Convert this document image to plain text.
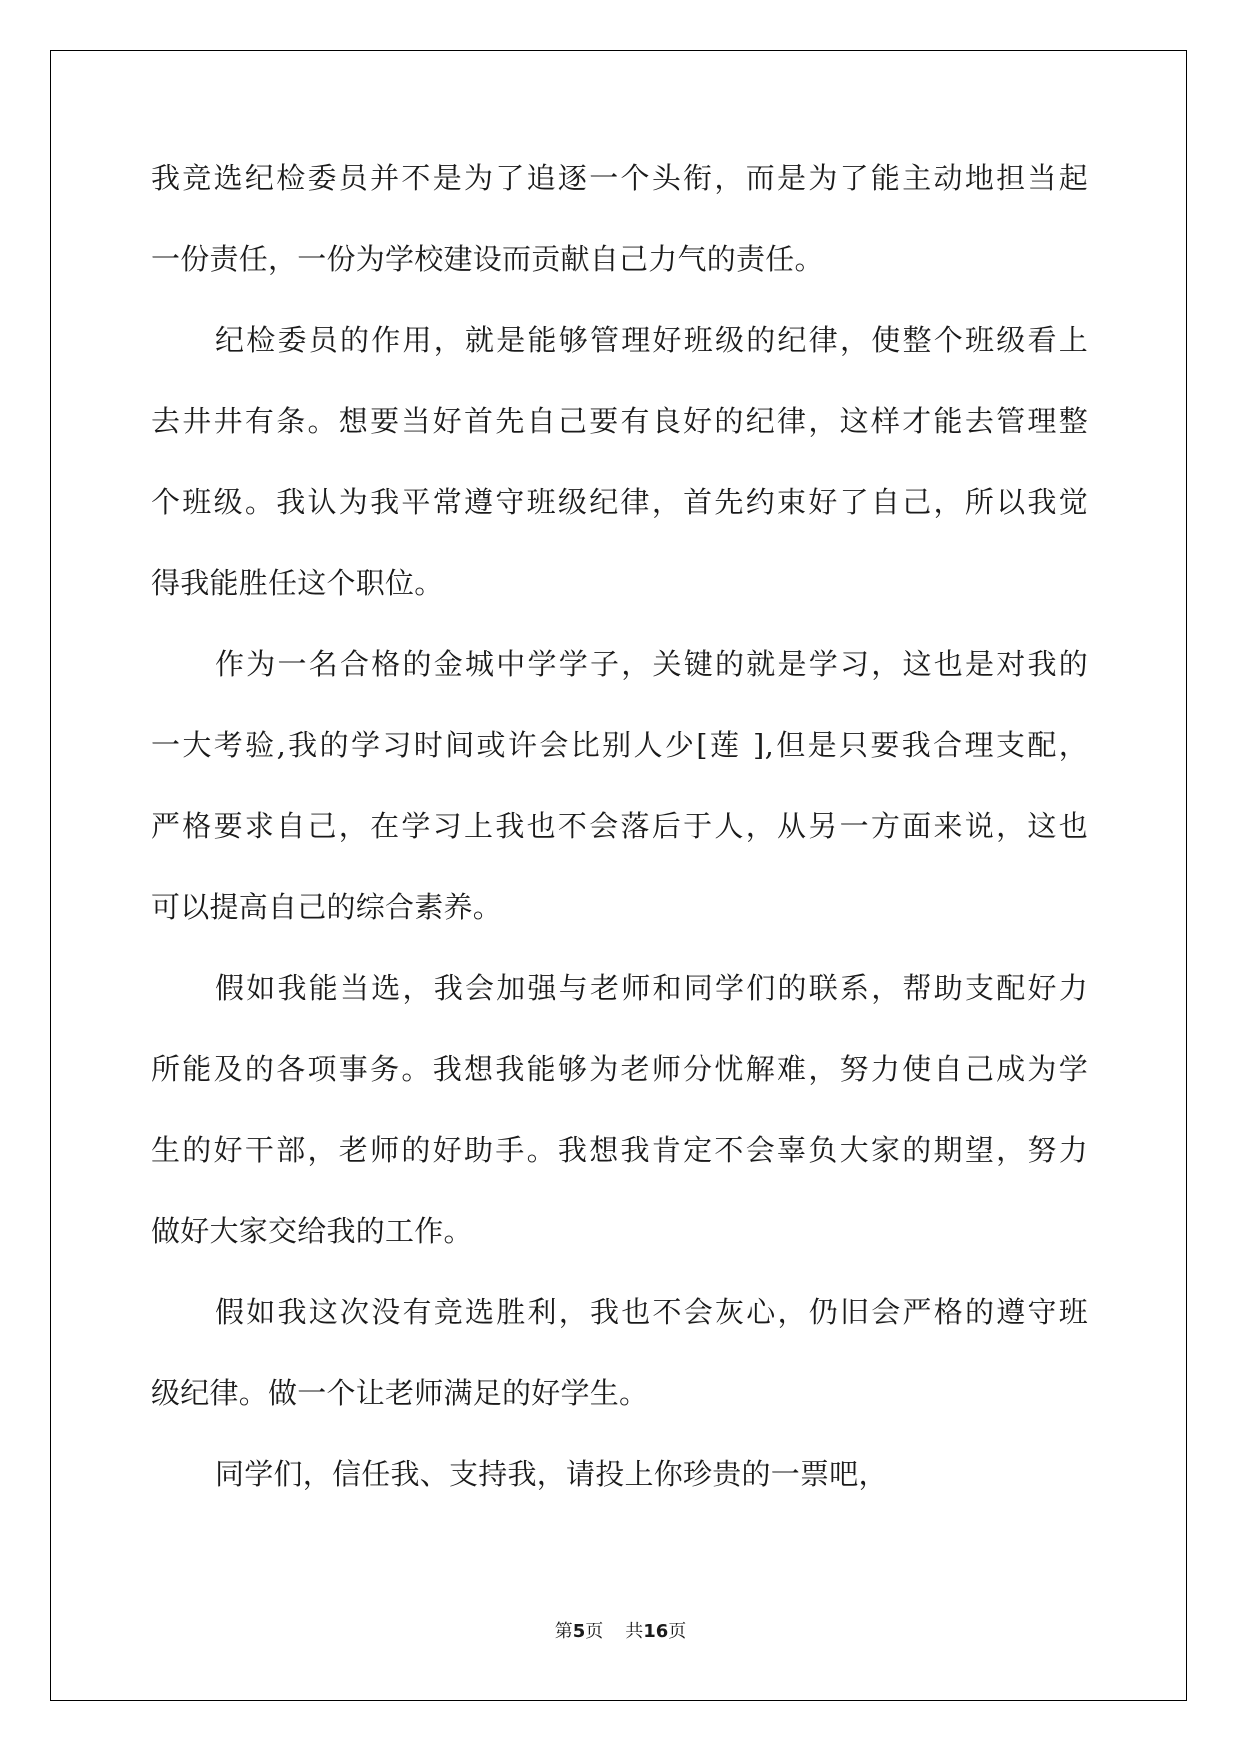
我竞选纪检委员并不是为了追逐一个头衔，而是为了能主动地担当起
一份责任，一份为学校建设而贡献自己力气的责任。
纪检委员的作用，就是能够管理好班级的纪律，使整个班级看上
去井井有条。想要当好首先自己要有良好的纪律，这样才能去管理整
个班级。我认为我平常遵守班级纪律，首先约束好了自己，所以我觉
得我能胜任这个职位。
作为一名合格的金城中学学子，关键的就是学习，这也是对我的
一大考验,我的学习时间或许会比别人少[莲 ],但是只要我合理支配，
严格要求自己，在学习上我也不会落后于人，从另一方面来说，这也
可以提高自己的综合素养。
假如我能当选，我会加强与老师和同学们的联系，帮助支配好力
所能及的各项事务。我想我能够为老师分忧解难，努力使自己成为学
生的好干部，老师的好助手。我想我肯定不会辜负大家的期望，努力
做好大家交给我的工作。
假如我这次没有竞选胜利，我也不会灰心，仍旧会严格的遵守班
级纪律。做一个让老师满足的好学生。
同学们，信任我、支持我，请投上你珍贵的一票吧，
第5页 共16页
